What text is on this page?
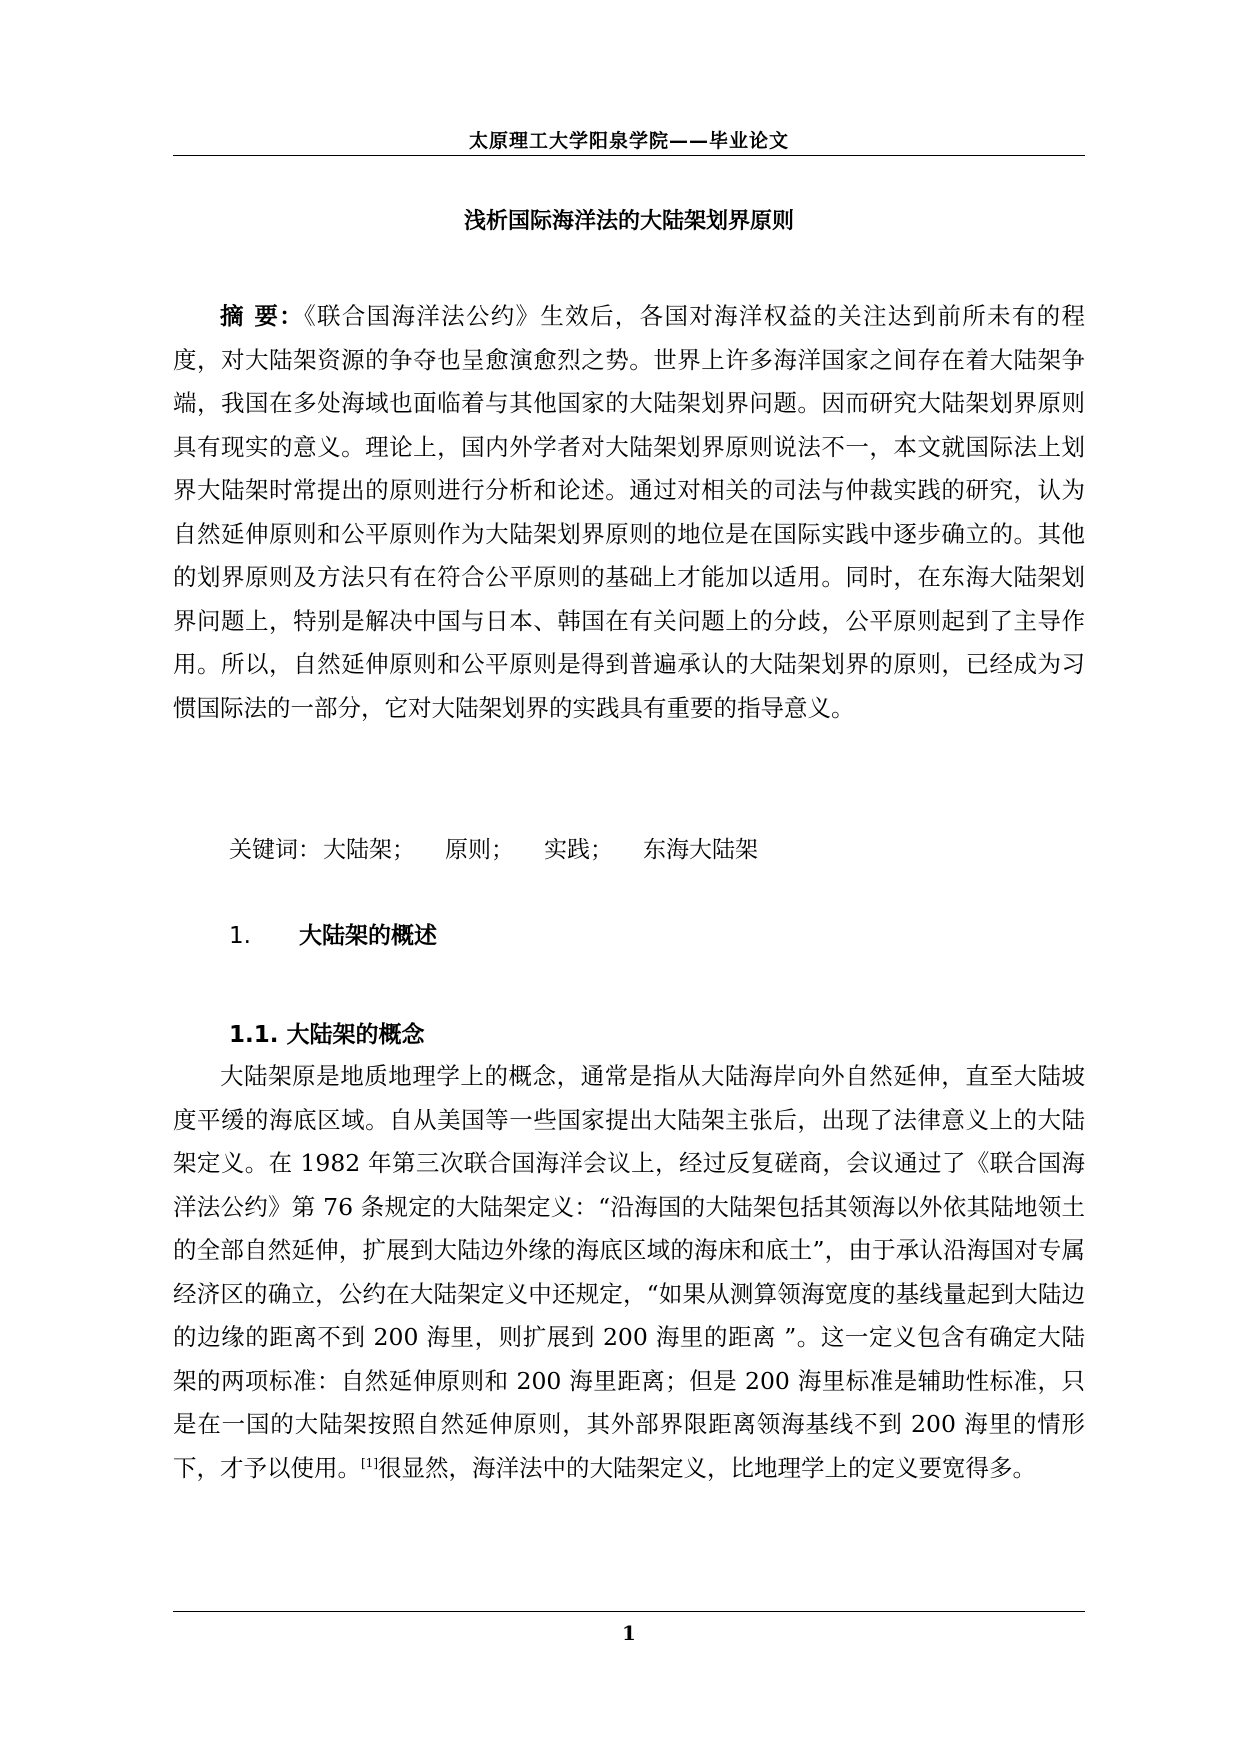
太原理工大学阳泉学院——毕业论文
浅析国际海洋法的大陆架划界原则

摘 要：《联合国海洋法公约》生效后，各国对海洋权益的关注达到前所未有的程度，对大陆架资源的争夺也呈愈演愈烈之势。世界上许多海洋国家之间存在着大陆架争端，我国在多处海域也面临着与其他国家的大陆架划界问题。因而研究大陆架划界原则具有现实的意义。理论上，国内外学者对大陆架划界原则说法不一，本文就国际法上划界大陆架时常提出的原则进行分析和论述。通过对相关的司法与仲裁实践的研究，认为自然延伸原则和公平原则作为大陆架划界原则的地位是在国际实践中逐步确立的。其他的划界原则及方法只有在符合公平原则的基础上才能加以适用。同时，在东海大陆架划界问题上，特别是解决中国与日本、韩国在有关问题上的分歧，公平原则起到了主导作用。所以，自然延伸原则和公平原则是得到普遍承认的大陆架划界的原则，已经成为习惯国际法的一部分，它对大陆架划界的实践具有重要的指导意义。

关键词：大陆架； 原则； 实践； 东海大陆架
1. 大陆架的概述
1.1. 大陆架的概念

大陆架原是地质地理学上的概念，通常是指从大陆海岸向外自然延伸，直至大陆坡度平缓的海底区域。自从美国等一些国家提出大陆架主张后，出现了法律意义上的大陆架定义。在 1982 年第三次联合国海洋会议上，经过反复磋商，会议通过了《联合国海洋法公约》第 76 条规定的大陆架定义：“沿海国的大陆架包括其领海以外依其陆地领土的全部自然延伸，扩展到大陆边外缘的海底区域的海床和底土”，由于承认沿海国对专属经济区的确立，公约在大陆架定义中还规定，“如果从测算领海宽度的基线量起到大陆边的边缘的距离不到 200 海里，则扩展到 200 海里的距离 ”。这一定义包含有确定大陆架的两项标准：自然延伸原则和 200 海里距离；但是 200 海里标准是辅助性标准，只是在一国的大陆架按照自然延伸原则，其外部界限距离领海基线不到 200 海里的情形下，才予以使用。[1]很显然，海洋法中的大陆架定义，比地理学上的定义要宽得多。

1
